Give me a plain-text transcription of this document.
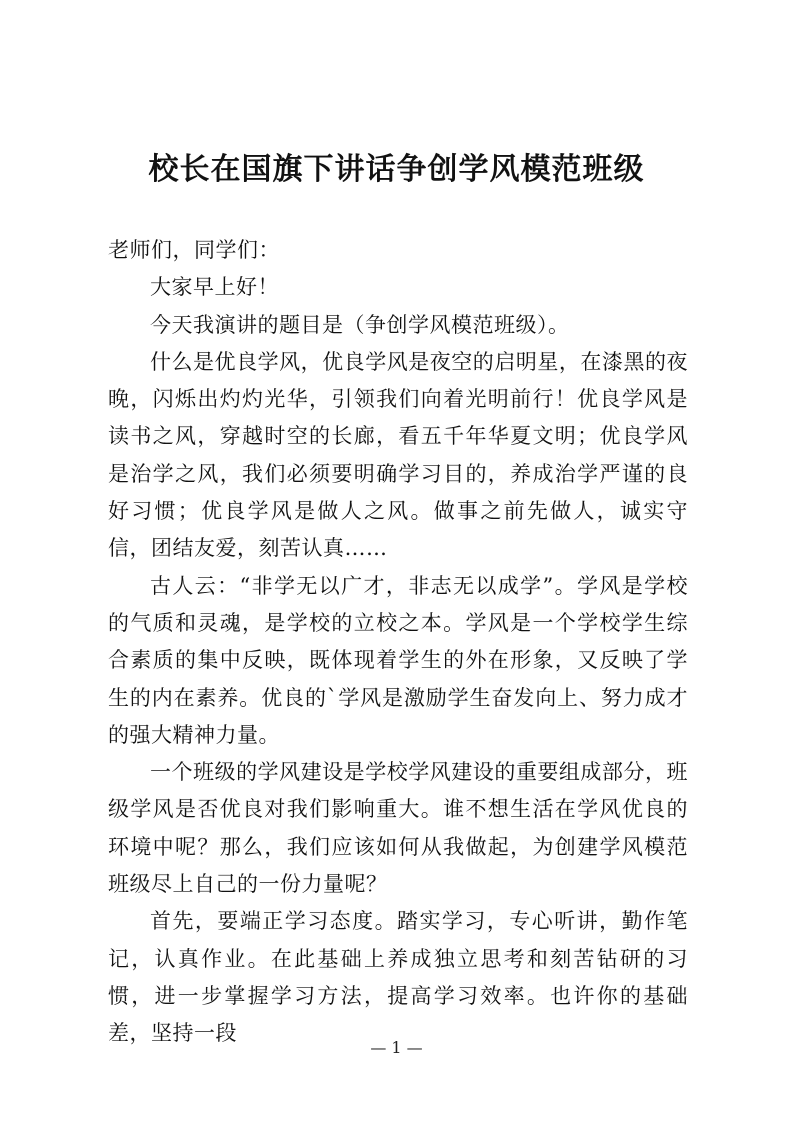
校长在国旗下讲话争创学风模范班级

老师们，同学们：

大家早上好！

今天我演讲的题目是（争创学风模范班级）。

什么是优良学风，优良学风是夜空的启明星，在漆黑的夜晚，闪烁出灼灼光华，引领我们向着光明前行！优良学风是读书之风，穿越时空的长廊，看五千年华夏文明；优良学风是治学之风，我们必须要明确学习目的，养成治学严谨的良好习惯；优良学风是做人之风。做事之前先做人，诚实守信，团结友爱，刻苦认真……

古人云：“非学无以广才，非志无以成学”。学风是学校的气质和灵魂，是学校的立校之本。学风是一个学校学生综合素质的集中反映，既体现着学生的外在形象，又反映了学生的内在素养。优良的`学风是激励学生奋发向上、努力成才的强大精神力量。

一个班级的学风建设是学校学风建设的重要组成部分，班级学风是否优良对我们影响重大。谁不想生活在学风优良的环境中呢？那么，我们应该如何从我做起，为创建学风模范班级尽上自己的一份力量呢？

首先，要端正学习态度。踏实学习，专心听讲，勤作笔记，认真作业。在此基础上养成独立思考和刻苦钻研的习惯，进一步掌握学习方法，提高学习效率。也许你的基础差，坚持一段

— 1 —
